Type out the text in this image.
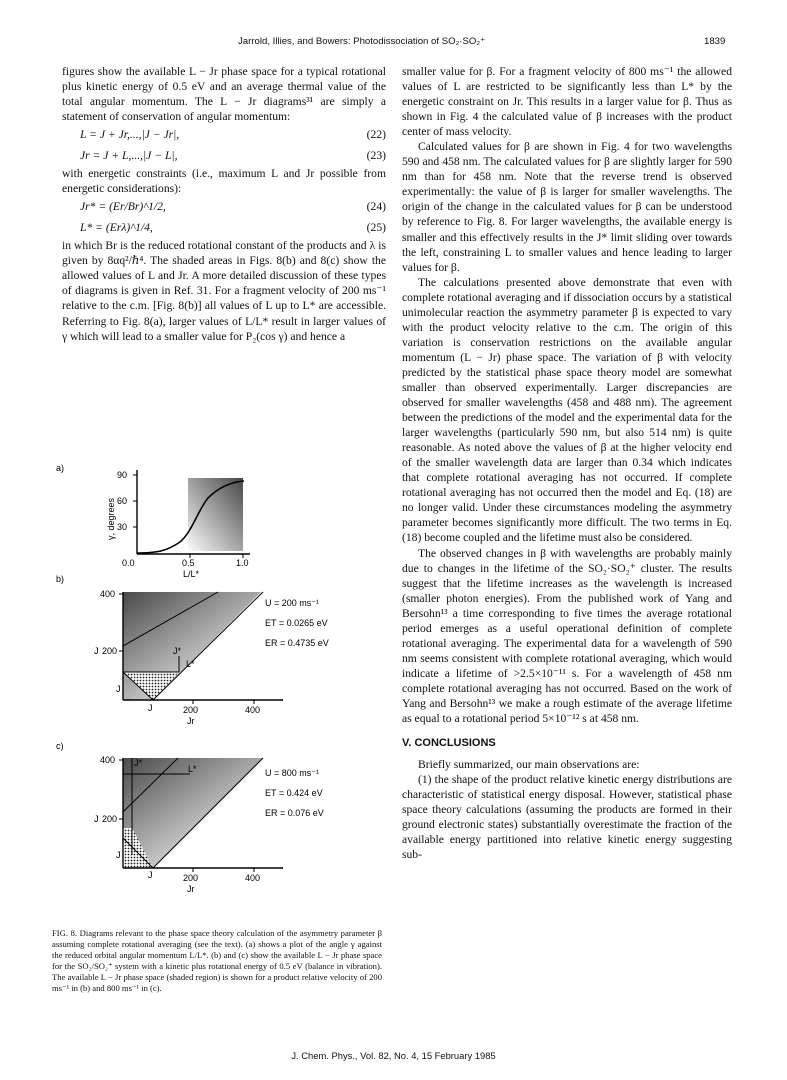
Jarrold, Illies, and Bowers: Photodissociation of SO₂·SO₂⁺	1839

figures show the available L − Jr phase space for a typical rotational plus kinetic energy of 0.5 eV and an average thermal value of the total angular momentum. The L − Jr diagrams³¹ are simply a statement of conservation of angular momentum:

L = J + Jr,...,|J − Jr|,	(22)
Jr = J + L,...,|J − L|,	(23)

with energetic constraints (i.e., maximum L and Jr possible from energetic considerations):

Jr* = (Er/Br)^1/2,	(24)
L* = (Erλ)^1/4,	(25)

in which Br is the reduced rotational constant of the products and λ is given by 8αq²/ℏ⁴. The shaded areas in Figs. 8(b) and 8(c) show the allowed values of L and Jr. A more detailed discussion of these types of diagrams is given in Ref. 31. For a fragment velocity of 200 ms⁻¹ relative to the c.m. [Fig. 8(b)] all values of L up to L* are accessible. Referring to Fig. 8(a), larger values of L/L* result in larger values of γ which will lead to a smaller value for P₂(cos γ) and hence a

smaller value for β. For a fragment velocity of 800 ms⁻¹ the allowed values of L are restricted to be significantly less than L* by the energetic constraint on Jr. This results in a larger value for β. Thus as shown in Fig. 4 the calculated value of β increases with the product center of mass velocity.

Calculated values for β are shown in Fig. 4 for two wavelengths 590 and 458 nm. The calculated values for β are slightly larger for 590 nm than for 458 nm. Note that the reverse trend is observed experimentally: the value of β is larger for smaller wavelengths. The origin of the change in the calculated values for β can be understood by reference to Fig. 8. For larger wavelengths, the available energy is smaller and this effectively results in the J* limit sliding over towards the left, constraining L to smaller values and hence leading to larger values for β.

The calculations presented above demonstrate that even with complete rotational averaging and if dissociation occurs by a statistical unimolecular reaction the asymmetry parameter β is expected to vary with the product velocity relative to the c.m. The origin of this variation is conservation restrictions on the available angular momentum (L − Jr) phase space. The variation of β with velocity predicted by the statistical phase space theory model are somewhat smaller than observed experimentally. Larger discrepancies are observed for smaller wavelengths (458 and 488 nm). The agreement between the predictions of the model and the experimental data for the larger wavelengths (particularly 590 nm, but also 514 nm) is quite reasonable. As noted above the values of β at the higher velocity end of the smaller wavelength data are larger than 0.34 which indicates that complete rotational averaging has not occurred. If complete rotational averaging has not occurred then the model and Eq. (18) are no longer valid. Under these circumstances modeling the asymmetry parameter becomes significantly more difficult. The two terms in Eq. (18) become coupled and the lifetime must also be considered.

The observed changes in β with wavelengths are probably mainly due to changes in the lifetime of the SO₂·SO₂⁺ cluster. The results suggest that the lifetime increases as the wavelength is increased (smaller photon energies). From the published work of Yang and Bersohn¹³ a time corresponding to five times the average rotational period emerges as a useful operational definition of complete rotational averaging. The experimental data for a wavelength of 590 nm seems consistent with complete rotational averaging, which would indicate a lifetime of >2.5×10⁻¹¹ s. For a wavelength of 458 nm complete rotational averaging has not occurred. Based on the work of Yang and Bersohn¹³ we make a rough estimate of the average lifetime as equal to a rotational period 5×10⁻¹² s at 458 nm.

V. CONCLUSIONS

Briefly summarized, our main observations are:

(1) the shape of the product relative kinetic energy distributions are characteristic of statistical energy disposal. However, statistical phase space theory calculations (assuming the products are formed in their ground electronic states) substantially overestimate the fraction of the available energy partitioned into relative kinetic energy suggesting sub-

a)
90
60
30
0.0	0.5	1.0
L/L*
γ, degrees
b)
400
200
200	400
Jr
J
J
J
J*
L*
U = 200 ms⁻¹
ET = 0.0265 eV
ER = 0.4735 eV
c)
400
200
200	400
Jr
J
J
J
J*
L*	U = 800 ms⁻¹
ET = 0.424 eV
ER = 0.076 eV
FIG. 8. Diagrams relevant to the phase space theory calculation of the asymmetry parameter β assuming complete rotational averaging (see the text). (a) shows a plot of the angle γ against the reduced orbital angular momentum L/L*. (b) and (c) show the available L − Jr phase space for the SO₂/SO₂⁺ system with a kinetic plus rotational energy of 0.5 eV (balance in vibration). The available L − Jr phase space (shaded region) is shown for a product relative velocity of 200 ms⁻¹ in (b) and 800 ms⁻¹ in (c).
J. Chem. Phys., Vol. 82, No. 4, 15 February 1985
